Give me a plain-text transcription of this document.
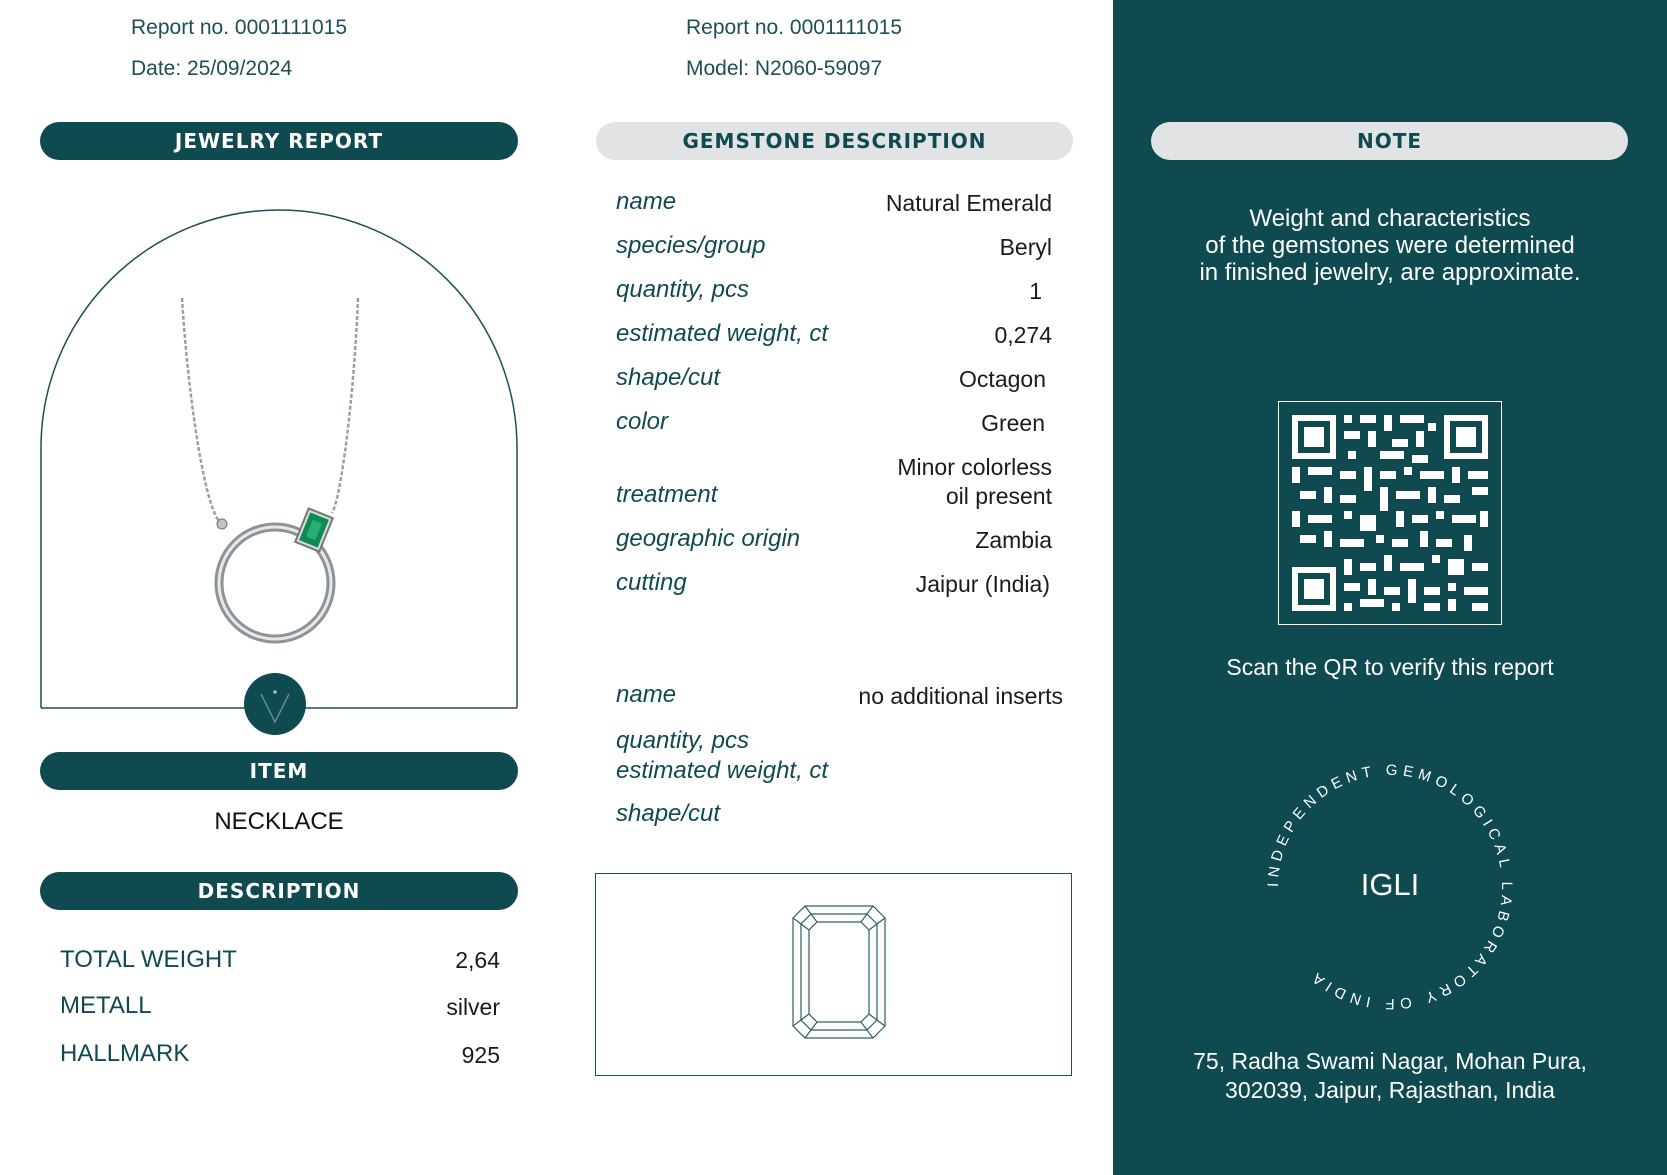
Report no. 0001111015
Date: 25/09/2024
JEWELRY REPORT
ITEM
NECKLACE
DESCRIPTION
TOTAL WEIGHT	2,64
METALL	silver
HALLMARK	925
Report no. 0001111015
Model: N2060-59097
GEMSTONE DESCRIPTION
name	Natural Emerald
species/group	Beryl
quantity, pcs	1
estimated weight, ct	0,274
shape/cut	Octagon
color	Green
Minor colorless
treatment	oil present
geographic origin	Zambia
cutting	Jaipur (India)
name	no additional inserts
quantity, pcs
estimated weight, ct
shape/cut
NOTE
Weight and characteristics
of the gemstones were determined
in finished jewelry, are approximate.
Scan the QR to verify this report
INDEPENDENT GEMOLOGICAL LABORATORY OF INDIA
IGLI
75, Radha Swami Nagar, Mohan Pura,
302039, Jaipur, Rajasthan, India
